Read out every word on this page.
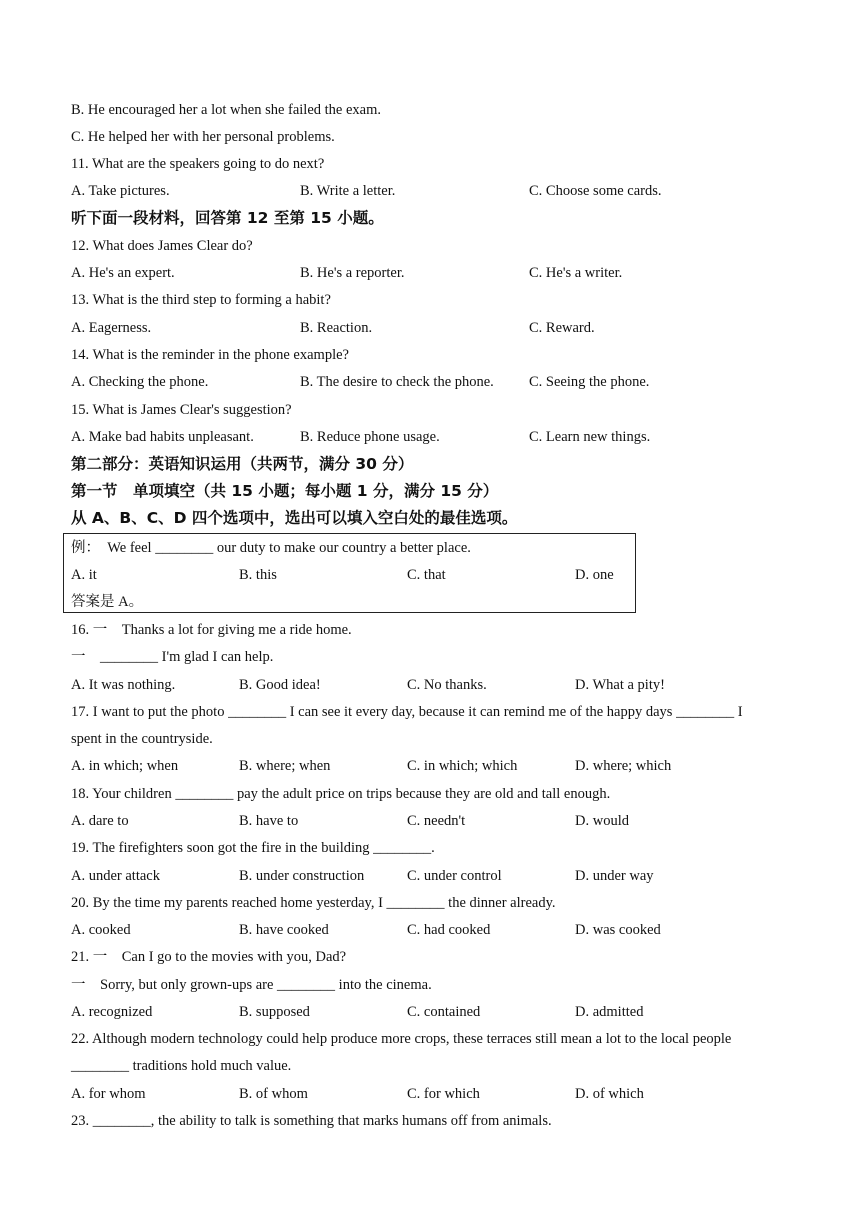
B. He encouraged her a lot when she failed the exam.
C. He helped her with her personal problems.
11. What are the speakers going to do next?
A. Take pictures.	B. Write a letter.	C. Choose some cards.
听下面一段材料，回答第 12 至第 15 小题。
12. What does James Clear do?
A. He's an expert.	B. He's a reporter.	C. He's a writer.
13. What is the third step to forming a habit?
A. Eagerness.	B. Reaction.	C. Reward.
14. What is the reminder in the phone example?
A. Checking the phone.	B. The desire to check the phone. C. Seeing the phone.
15. What is James Clear's suggestion?
A. Make bad habits unpleasant.	B. Reduce phone usage.	C. Learn new things.
第二部分：英语知识运用（共两节，满分 30 分）
第一节　单项填空（共 15 小题；每小题 1 分，满分 15 分）
从 A、B、C、D 四个选项中，选出可以填入空白处的最佳选项。
例：　We feel ________ our duty to make our country a better place.
A. it	B. this	C. that	D. one
答案是 A。
16. 一　Thanks a lot for giving me a ride home.
一　________ I'm glad I can help.
A. It was nothing.	B. Good idea!	C. No thanks.	D. What a pity!
17. I want to put the photo ________ I can see it every day, because it can remind me of the happy days ________ I
spent in the countryside.
A. in which; when	B. where; when	C. in which; which	D. where; which
18. Your children ________ pay the adult price on trips because they are old and tall enough.
A. dare to	B. have to	C. needn't	D. would
19. The firefighters soon got the fire in the building ________.
A. under attack	B. under construction	C. under control	D. under way
20. By the time my parents reached home yesterday, I ________ the dinner already.
A. cooked	B. have cooked	C. had cooked	D. was cooked
21. 一　Can I go to the movies with you, Dad?
一　Sorry, but only grown-ups are ________ into the cinema.
A. recognized	B. supposed	C. contained	D. admitted
22. Although modern technology could help produce more crops, these terraces still mean a lot to the local people
________ traditions hold much value.
A. for whom	B. of whom	C. for which	D. of which
23. ________, the ability to talk is something that marks humans off from animals.
